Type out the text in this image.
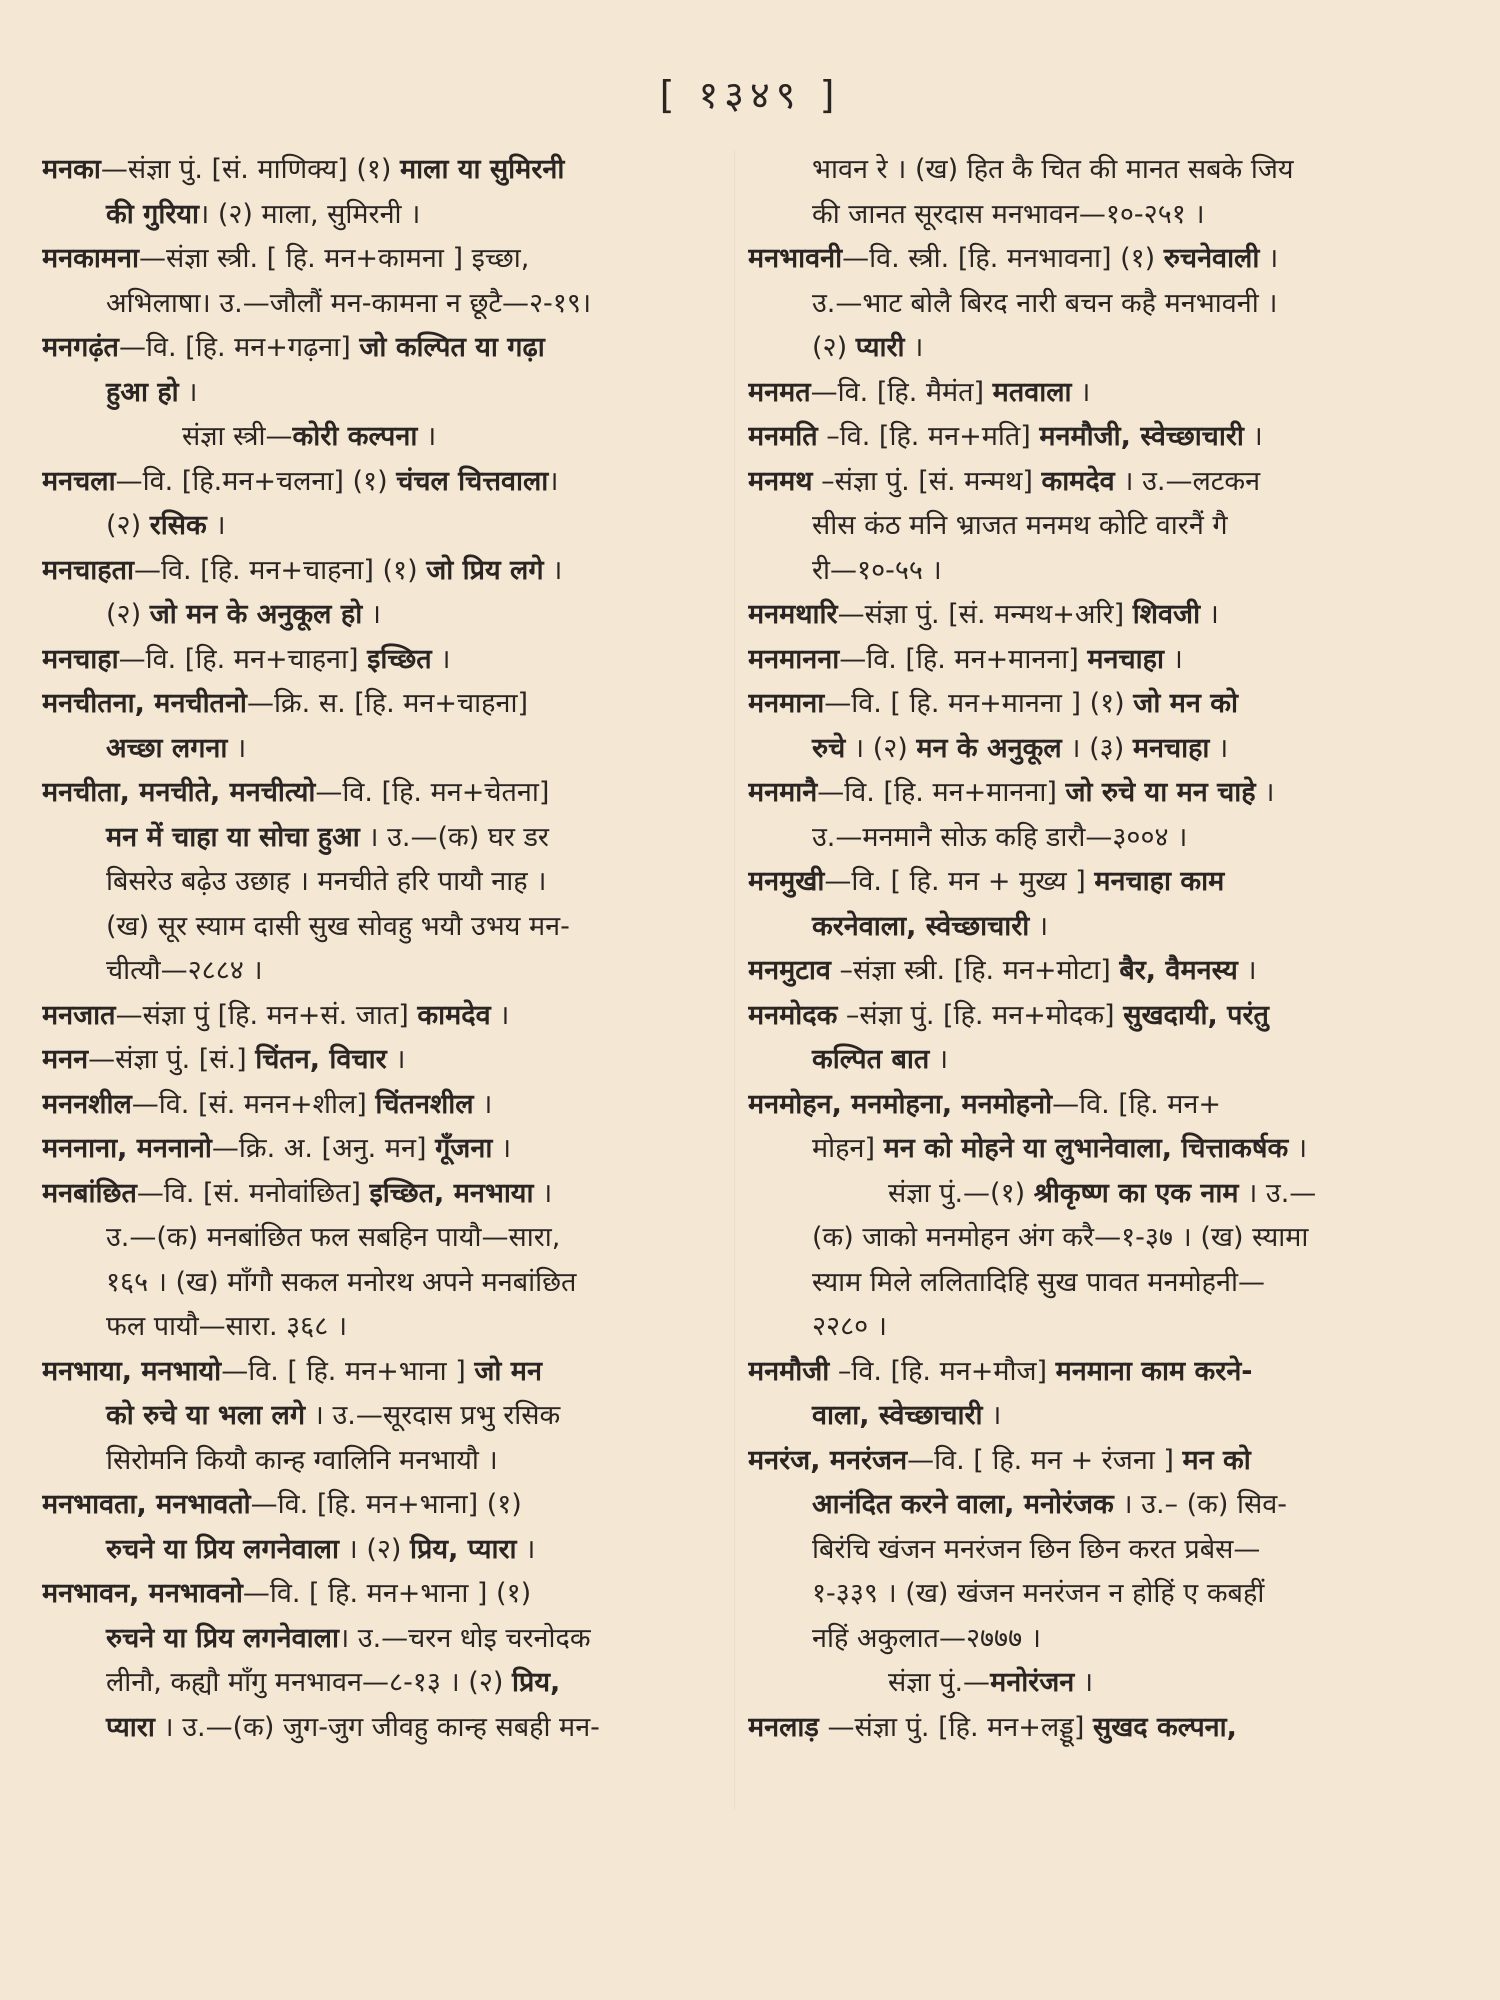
[ १३४९ ]
मनका—संज्ञा पुं. [सं. माणिक्य] (१) माला या सुमिरनी
की गुरिया। (२) माला, सुमिरनी ।
मनकामना—संज्ञा स्त्री. [ हि. मन+कामना ] इच्छा,
अभिलाषा। उ.—जौलौं मन-कामना न छूटै—२-१९।
मनगढ़ंत—वि. [हि. मन+गढ़ना] जो कल्पित या गढ़ा
हुआ हो ।
संज्ञा स्त्री—कोरी कल्पना ।
मनचला—वि. [हि.मन+चलना] (१) चंचल चित्तवाला।
(२) रसिक ।
मनचाहता—वि. [हि. मन+चाहना] (१) जो प्रिय लगे ।
(२) जो मन के अनुकूल हो ।
मनचाहा—वि. [हि. मन+चाहना] इच्छित ।
मनचीतना, मनचीतनो—क्रि. स. [हि. मन+चाहना]
अच्छा लगना ।
मनचीता, मनचीते, मनचीत्यो—वि. [हि. मन+चेतना]
मन में चाहा या सोचा हुआ । उ.—(क) घर डर
बिसरेउ बढ़ेउ उछाह । मनचीते हरि पायौ नाह ।
(ख) सूर स्याम दासी सुख सोवहु भयौ उभय मन-
चीत्यौ—२८८४ ।
मनजात—संज्ञा पुं [हि. मन+सं. जात] कामदेव ।
मनन—संज्ञा पुं. [सं.] चिंतन, विचार ।
मननशील—वि. [सं. मनन+शील] चिंतनशील ।
मननाना, मननानो—क्रि. अ. [अनु. मन] गूँजना ।
मनबांछित—वि. [सं. मनोवांछित] इच्छित, मनभाया ।
उ.—(क) मनबांछित फल सबहिन पायौ—सारा,
१६५ । (ख) माँगौ सकल मनोरथ अपने मनबांछित
फल पायौ—सारा. ३६८ ।
मनभाया, मनभायो—वि. [ हि. मन+भाना ] जो मन
को रुचे या भला लगे । उ.—सूरदास प्रभु रसिक
सिरोमनि कियौ कान्ह ग्वालिनि मनभायौ ।
मनभावता, मनभावतो—वि. [हि. मन+भाना] (१)
रुचने या प्रिय लगनेवाला । (२) प्रिय, प्यारा ।
मनभावन, मनभावनो—वि. [ हि. मन+भाना ] (१)
रुचने या प्रिय लगनेवाला। उ.—चरन धोइ चरनोदक
लीनौ, कह्यौ माँगु मनभावन—८-१३ । (२) प्रिय,
प्यारा । उ.—(क) जुग-जुग जीवहु कान्ह सबही मन-
भावन रे । (ख) हित कै चित की मानत सबके जिय
की जानत सूरदास मनभावन—१०-२५१ ।
मनभावनी—वि. स्त्री. [हि. मनभावना] (१) रुचनेवाली ।
उ.—भाट बोलै बिरद नारी बचन कहै मनभावनी ।
(२) प्यारी ।
मनमत—वि. [हि. मैमंत] मतवाला ।
मनमति –वि. [हि. मन+मति] मनमौजी, स्वेच्छाचारी ।
मनमथ –संज्ञा पुं. [सं. मन्मथ] कामदेव । उ.—लटकन
सीस कंठ मनि भ्राजत मनमथ कोटि वारनैं गै
री—१०-५५ ।
मनमथारि—संज्ञा पुं. [सं. मन्मथ+अरि] शिवजी ।
मनमानना—वि. [हि. मन+मानना] मनचाहा ।
मनमाना—वि. [ हि. मन+मानना ] (१) जो मन को
रुचे । (२) मन के अनुकूल । (३) मनचाहा ।
मनमानै—वि. [हि. मन+मानना] जो रुचे या मन चाहे ।
उ.—मनमानै सोऊ कहि डारौ—३००४ ।
मनमुखी—वि. [ हि. मन + मुख्य ] मनचाहा काम
करनेवाला, स्वेच्छाचारी ।
मनमुटाव –संज्ञा स्त्री. [हि. मन+मोटा] बैर, वैमनस्य ।
मनमोदक –संज्ञा पुं. [हि. मन+मोदक] सुखदायी, परंतु
कल्पित बात ।
मनमोहन, मनमोहना, मनमोहनो—वि. [हि. मन+
मोहन] मन को मोहने या लुभानेवाला, चित्ताकर्षक ।
संज्ञा पुं.—(१) श्रीकृष्ण का एक नाम । उ.—
(क) जाको मनमोहन अंग करै—१-३७ । (ख) स्यामा
स्याम मिले ललितादिहि सुख पावत मनमोहनी—
२२८० ।
मनमौजी –वि. [हि. मन+मौज] मनमाना काम करने-
वाला, स्वेच्छाचारी ।
मनरंज, मनरंजन—वि. [ हि. मन + रंजना ] मन को
आनंदित करने वाला, मनोरंजक । उ.– (क) सिव-
बिरंचि खंजन मनरंजन छिन छिन करत प्रबेस—
१-३३९ । (ख) खंजन मनरंजन न होहिं ए कबहीं
नहिं अकुलात—२७७७ ।
संज्ञा पुं.—मनोरंजन ।
मनलाड़ —संज्ञा पुं. [हि. मन+लड्डू] सुखद कल्पना,
